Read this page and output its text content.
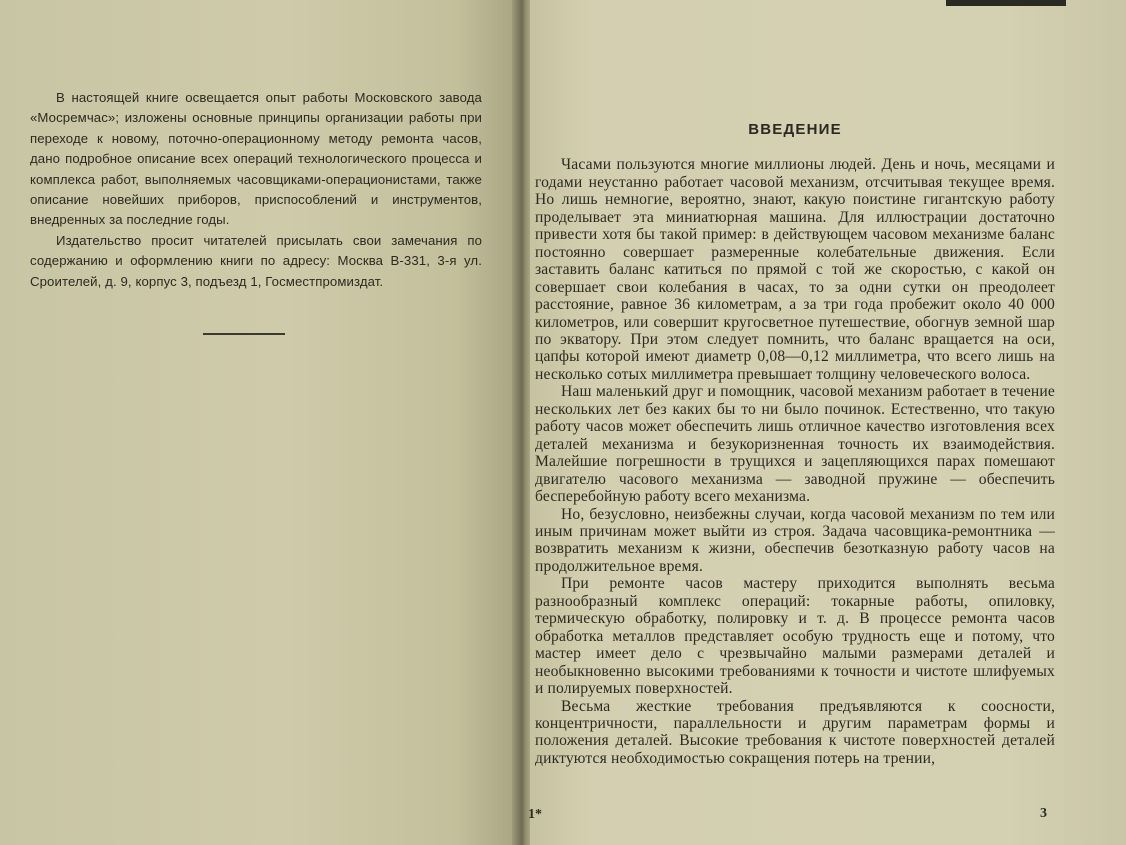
В настоящей книге освещается опыт работы Московского завода «Мосремчас»; изложены основные принципы организации работы при переходе к новому, поточно-операционному методу ремонта часов, дано подробное описание всех операций технологического процесса и комплекса работ, выполняемых часовщиками-операционистами, также описание новейших приборов, приспособлений и инструментов, внедренных за последние годы.

Издательство просит читателей присылать свои замечания по содержанию и оформлению книги по адресу: Москва В-331, 3-я ул. Сроителей, д. 9, корпус 3, подъезд 1, Госместпромиздат.

ВВЕДЕНИЕ

Часами пользуются многие миллионы людей. День и ночь, месяцами и годами неустанно работает часовой механизм, отсчитывая текущее время. Но лишь немногие, вероятно, знают, какую поистине гигантскую работу проделывает эта миниатюрная машина. Для иллюстрации достаточно привести хотя бы такой пример: в действующем часовом механизме баланс постоянно совершает размеренные колебательные движения. Если заставить баланс катиться по прямой с той же скоростью, с какой он совершает свои колебания в часах, то за одни сутки он преодолеет расстояние, равное 36 километрам, а за три года пробежит около 40 000 километров, или совершит кругосветное путешествие, обогнув земной шар по экватору. При этом следует помнить, что баланс вращается на оси, цапфы которой имеют диаметр 0,08—0,12 миллиметра, что всего лишь на несколько сотых миллиметра превышает толщину человеческого волоса.

Наш маленький друг и помощник, часовой механизм работает в течение нескольких лет без каких бы то ни было починок. Естественно, что такую работу часов может обеспечить лишь отличное качество изготовления всех деталей механизма и безукоризненная точность их взаимодействия. Малейшие погрешности в трущихся и зацепляющихся парах помешают двигателю часового механизма — заводной пружине — обеспечить бесперебойную работу всего механизма.

Но, безусловно, неизбежны случаи, когда часовой механизм по тем или иным причинам может выйти из строя. Задача часовщика-ремонтника — возвратить механизм к жизни, обеспечив безотказную работу часов на продолжительное время.

При ремонте часов мастеру приходится выполнять весьма разнообразный комплекс операций: токарные работы, опиловку, термическую обработку, полировку и т. д. В процессе ремонта часов обработка металлов представляет особую трудность еще и потому, что мастер имеет дело с чрезвычайно малыми размерами деталей и необыкновенно высокими требованиями к точности и чистоте шлифуемых и полируемых поверхностей.

Весьма жесткие требования предъявляются к соосности, концентричности, параллельности и другим параметрам формы и положения деталей. Высокие требования к чистоте поверхностей деталей диктуются необходимостью сокращения потерь на трении,

1*	3
